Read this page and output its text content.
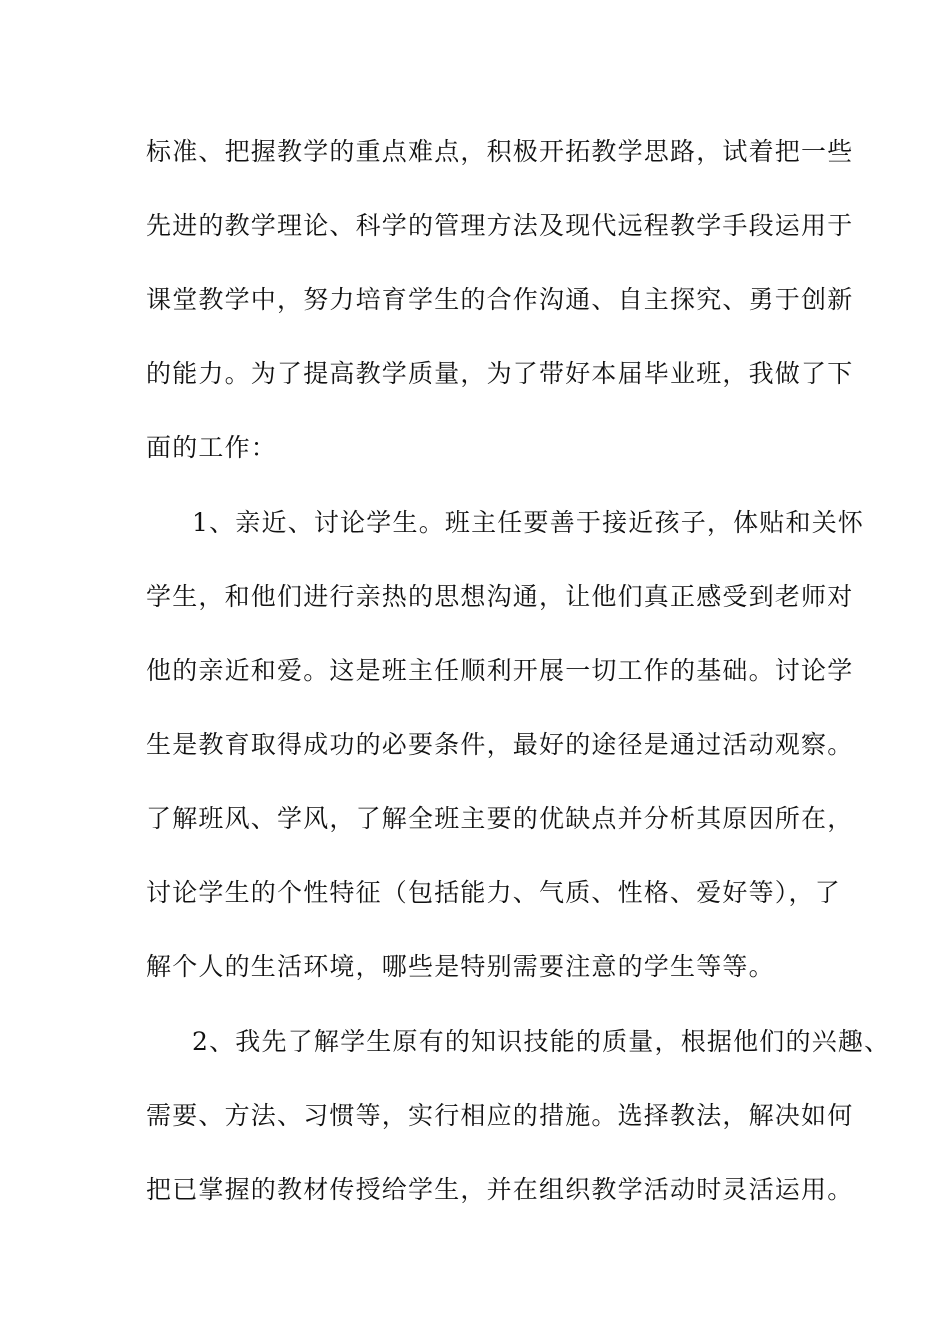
标准、把握教学的重点难点，积极开拓教学思路，试着把一些
先进的教学理论、科学的管理方法及现代远程教学手段运用于
课堂教学中，努力培育学生的合作沟通、自主探究、勇于创新
的能力。为了提高教学质量，为了带好本届毕业班，我做了下
面的工作：
1、亲近、讨论学生。班主任要善于接近孩子，体贴和关怀
学生，和他们进行亲热的思想沟通，让他们真正感受到老师对
他的亲近和爱。这是班主任顺利开展一切工作的基础。讨论学
生是教育取得成功的必要条件，最好的途径是通过活动观察。
了解班风、学风，了解全班主要的优缺点并分析其原因所在，
讨论学生的个性特征（包括能力、气质、性格、爱好等），了
解个人的生活环境，哪些是特别需要注意的学生等等。
2、我先了解学生原有的知识技能的质量，根据他们的兴趣、
需要、方法、习惯等，实行相应的措施。选择教法，解决如何
把已掌握的教材传授给学生，并在组织教学活动时灵活运用。
